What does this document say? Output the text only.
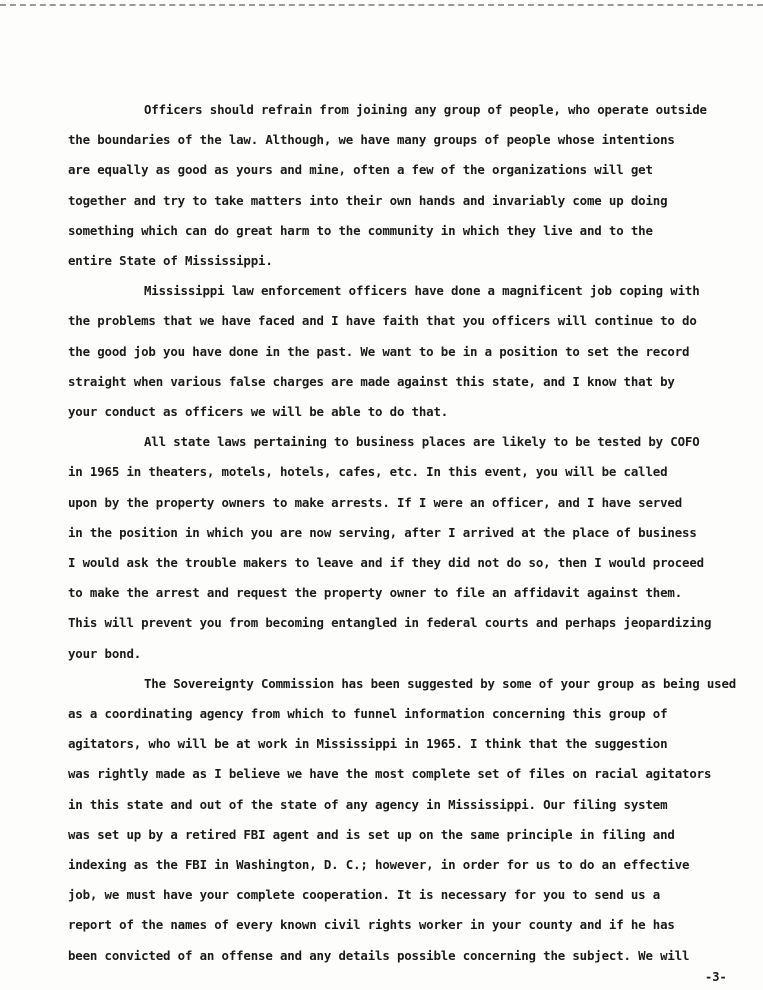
Officers should refrain from joining any group of people, who operate outside
the boundaries of the law. Although, we have many groups of people whose intentions
are equally as good as yours and mine, often a few of the organizations will get
together and try to take matters into their own hands and invariably come up doing
something which can do great harm to the community in which they live and to the
entire State of Mississippi.
Mississippi law enforcement officers have done a magnificent job coping with
the problems that we have faced and I have faith that you officers will continue to do
the good job you have done in the past. We want to be in a position to set the record
straight when various false charges are made against this state, and I know that by
your conduct as officers we will be able to do that.
All state laws pertaining to business places are likely to be tested by COFO
in 1965 in theaters, motels, hotels, cafes, etc. In this event, you will be called
upon by the property owners to make arrests. If I were an officer, and I have served
in the position in which you are now serving, after I arrived at the place of business
I would ask the trouble makers to leave and if they did not do so, then I would proceed
to make the arrest and request the property owner to file an affidavit against them.
This will prevent you from becoming entangled in federal courts and perhaps jeopardizing
your bond.
The Sovereignty Commission has been suggested by some of your group as being used
as a coordinating agency from which to funnel information concerning this group of
agitators, who will be at work in Mississippi in 1965. I think that the suggestion
was rightly made as I believe we have the most complete set of files on racial agitators
in this state and out of the state of any agency in Mississippi. Our filing system
was set up by a retired FBI agent and is set up on the same principle in filing and
indexing as the FBI in Washington, D. C.; however, in order for us to do an effective
job, we must have your complete cooperation. It is necessary for you to send us a
report of the names of every known civil rights worker in your county and if he has
been convicted of an offense and any details possible concerning the subject. We will
-3-
